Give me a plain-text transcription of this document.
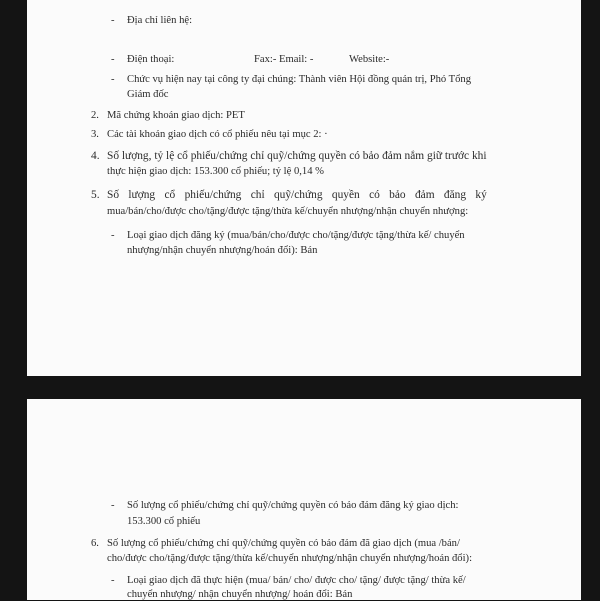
- Địa chỉ liên hệ:
- Điện thoại:	Fax:- Email: -	Website:-
- Chức vụ hiện nay tại công ty đại chúng: Thành viên Hội đồng quản trị, Phó Tổng
Giám đốc
2. Mã chứng khoán giao dịch: PET
3. Các tài khoản giao dịch có cổ phiếu nêu tại mục 2: ·
4. Số lượng, tỷ lệ cổ phiếu/chứng chỉ quỹ/chứng quyền có bảo đảm nắm giữ trước khi
thực hiện giao dịch: 153.300 cổ phiếu; tỷ lệ 0,14 %
5. Số lượng cổ phiếu/chứng chỉ quỹ/chứng quyền có bảo đảm đăng ký
mua/bán/cho/được cho/tặng/được tặng/thừa kế/chuyển nhượng/nhận chuyển nhượng:
- Loại giao dịch đăng ký (mua/bán/cho/được cho/tặng/được tặng/thừa kế/ chuyển
nhượng/nhận chuyển nhượng/hoán đổi): Bán
- Số lượng cổ phiếu/chứng chỉ quỹ/chứng quyền có bảo đảm đăng ký giao dịch:
153.300 cổ phiếu
6. Số lượng cổ phiếu/chứng chỉ quỹ/chứng quyền có bảo đảm đã giao dịch (mua /bán/
cho/được cho/tặng/được tặng/thừa kế/chuyển nhượng/nhận chuyển nhượng/hoán đổi):
- Loại giao dịch đã thực hiện (mua/ bán/ cho/ được cho/ tặng/ được tặng/ thừa kế/
chuyển nhượng/ nhận chuyển nhượng/ hoán đổi: Bán
